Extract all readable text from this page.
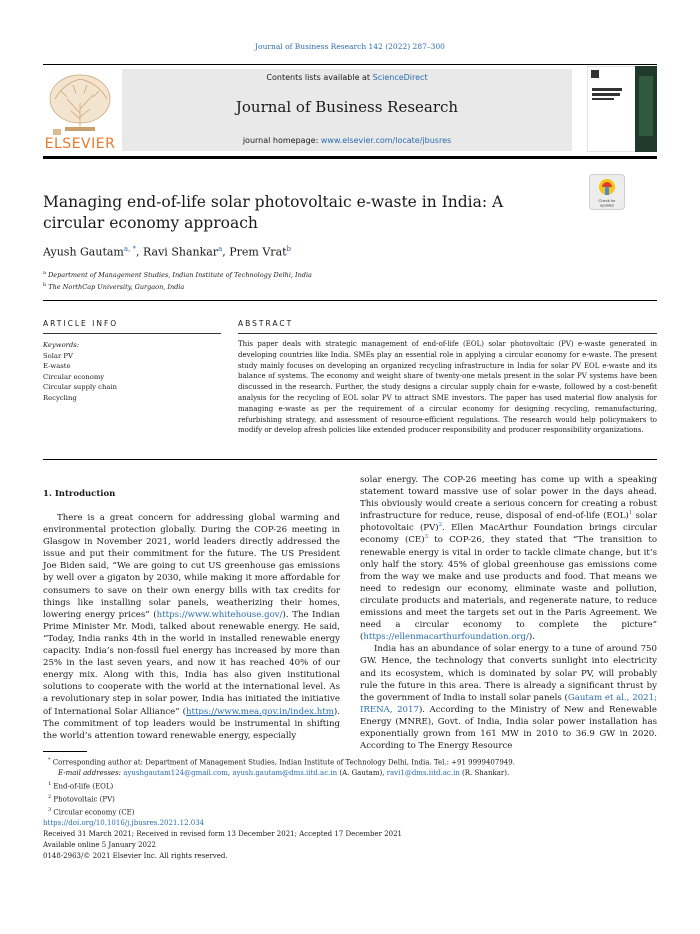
Journal of Business Research 142 (2022) 287–300
ELSEVIER
Contents lists available at ScienceDirect
Journal of Business Research
journal homepage: www.elsevier.com/locate/jbusres
Managing end-of-life solar photovoltaic e-waste in India: A circular economy approach
Check for
updates
Ayush Gautam$^{a, *}$, Ravi Shankar$^a$, Prem Vrat$^b$
$^a$ Department of Management Studies, Indian Institute of Technology Delhi, India
$^b$ The NorthCap University, Gurgaon, India
ARTICLE INFO
Keywords:
Solar PV
E-waste
Circular economy
Circular supply chain
Recycling
ABSTRACT
This paper deals with strategic management of end-of-life (EOL) solar photovoltaic (PV) e-waste generated in developing countries like India. SMEs play an essential role in applying a circular economy for e-waste. The present study mainly focuses on developing an organized recycling infrastructure in India for solar PV EOL e-waste and its balance of systems. The economy and weight share of twenty-one metals present in the solar PV systems have been discussed in the research. Further, the study designs a circular supply chain for e-waste, followed by a cost-benefit analysis for the recycling of EOL solar PV to attract SME investors. The paper has used material flow analysis for managing e-waste as per the requirement of a circular economy for designing recycling, remanufacturing, refurbishing strategy, and assessment of resource-efficient regulations. The research would help policymakers to modify or develop afresh policies like extended producer responsibility and producer responsibility organizations.
1. Introduction

There is a great concern for addressing global warming and environmental protection globally. During the COP-26 meeting in Glasgow in November 2021, world leaders directly addressed the issue and put their commitment for the future. The US President Joe Biden said, “We are going to cut US greenhouse gas emissions by well over a gigaton by 2030, while making it more affordable for consumers to save on their own energy bills with tax credits for things like installing solar panels, weatherizing their homes, lowering energy prices” (https://www.whitehouse.gov/). The Indian Prime Minister Mr. Modi, talked about renewable energy. He said, “Today, India ranks 4th in the world in installed renewable energy capacity. India’s non-fossil fuel energy has increased by more than 25% in the last seven years, and now it has reached 40% of our energy mix. Along with this, India has also given institutional solutions to cooperate with the world at the international level. As a revolutionary step in solar power, India has initiated the initiative of International Solar Alliance” (https://www.mea.gov.in/index.htm). The commitment of top leaders would be instrumental in shifting the world’s attention toward renewable energy, especially

solar energy. The COP-26 meeting has come up with a speaking statement toward massive use of solar power in the days ahead. This obviously would create a serious concern for creating a robust infrastructure for reduce, reuse, disposal of end-of-life (EOL)$^1$ solar photovoltaic (PV)$^2$. Ellen MacArthur Foundation brings circular economy (CE)$^3$ to COP-26, they stated that “The transition to renewable energy is vital in order to tackle climate change, but it’s only half the story. 45% of global greenhouse gas emissions come from the way we make and use products and food. That means we need to redesign our economy, eliminate waste and pollution, circulate products and materials, and regenerate nature, to reduce emissions and meet the targets set out in the Paris Agreement. We need a circular economy to complete the picture” (https://ellenmacarthurfoundation.org/).

India has an abundance of solar energy to a tune of around 750 GW. Hence, the technology that converts sunlight into electricity and its ecosystem, which is dominated by solar PV, will probably rule the future in this area. There is already a significant thrust by the government of India to install solar panels (Gautam et al., 2021; IRENA, 2017). According to the Ministry of New and Renewable Energy (MNRE), Govt. of India, India solar power installation has exponentially grown from 161 MW in 2010 to 36.9 GW in 2020. According to The Energy Resource

* Corresponding author at: Department of Management Studies, Indian Institute of Technology Delhi, India. Tel.: +91 9999407949.
E-mail addresses: ayushgautam124@gmail.com, ayush.gautam@dms.iitd.ac.in (A. Gautam), ravi1@dms.iitd.ac.in (R. Shankar).
$^1$ End-of-life (EOL)
$^2$ Photovoltaic (PV)
$^3$ Circular economy (CE)
https://doi.org/10.1016/j.jbusres.2021.12.034
Received 31 March 2021; Received in revised form 13 December 2021; Accepted 17 December 2021
Available online 5 January 2022
0148-2963/© 2021 Elsevier Inc. All rights reserved.
